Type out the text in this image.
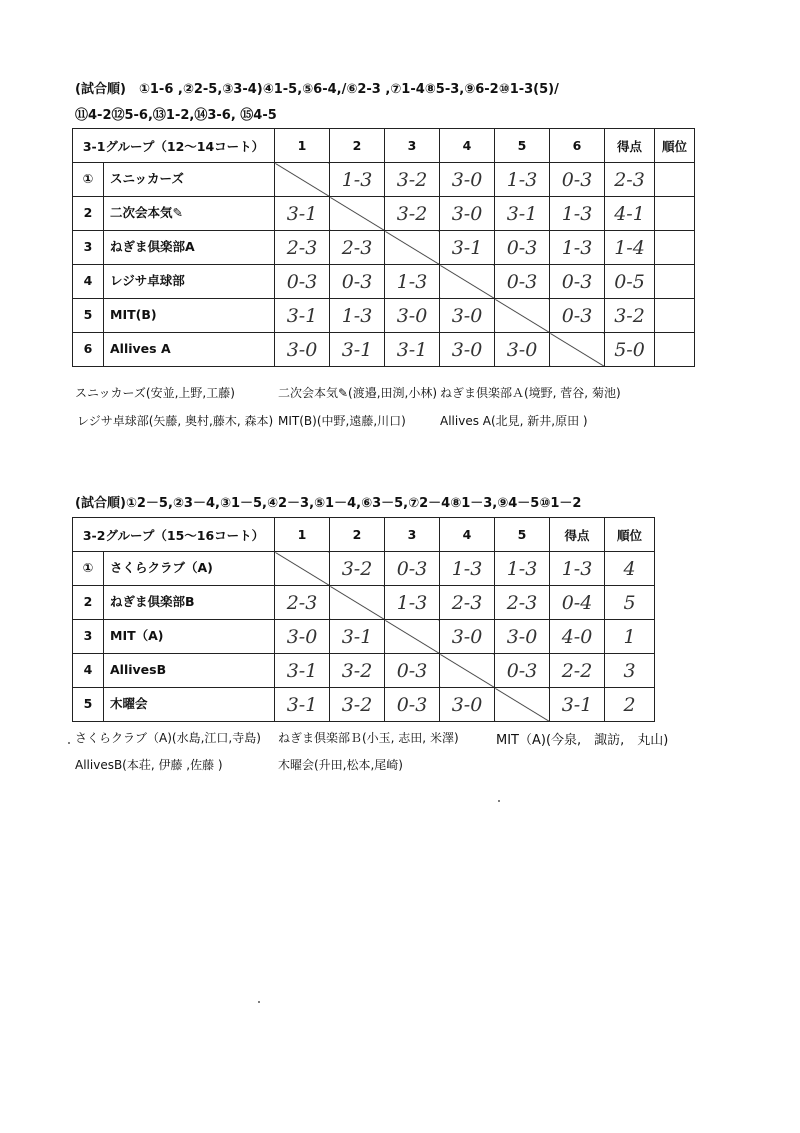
(試合順)　①1-6 ,②2-5,③3-4)④1-5,⑤6-4,/⑥2-3 ,⑦1-4⑧5-3,⑨6-2⑩1-3(5)/
⑪4-2⑫5-6,⑬1-2,⑭3-6, ⑮4-5
3-1グループ（12～14コート）	1	2	3	4	5	6	得点	順位
① スニッカーズ		1-3	3-2	3-0	1-3	0-3	2-3	
2 二次会本気✎	3-1		3-2	3-0	3-1	1-3	4-1	
3 ねぎま倶楽部A	2-3	2-3		3-1	0-3	1-3	1-4	
4 レジサ卓球部	0-3	0-3	1-3		0-3	0-3	0-5	
5 MIT(B)	3-1	1-3	3-0	3-0		0-3	3-2	
6 Allives A	3-0	3-1	3-1	3-0	3-0		5-0	
スニッカーズ(安並,上野,工藤)	二次会本気✎(渡邉,田渕,小林) ねぎま倶楽部Ａ(境野, 菅谷, 菊池)
レジサ卓球部(矢藤, 奥村,藤木, 森本) MIT(B)(中野,遠藤,川口)	Allives A(北見, 新井,原田 )
(試合順)①2－5,②3－4,③1－5,④2－3,⑤1－4,⑥3－5,⑦2－4⑧1－3,⑨4－5⑩1－2
3-2グループ（15～16コート）	1	2	3	4	5	得点	順位
① さくらクラブ（A)		3-2	0-3	1-3	1-3	1-3	4
2 ねぎま倶楽部B	2-3		1-3	2-3	2-3	0-4	5
3 MIT（A)	3-0	3-1		3-0	3-0	4-0	1
4 AllivesB	3-1	3-2	0-3		0-3	2-2	3
5 木曜会	3-1	3-2	0-3	3-0		3-1	2
さくらクラブ（A)(水島,江口,寺島) ねぎま倶楽部Ｂ(小玉, 志田, 米澤)	MIT（A)(今泉,　諏訪,　丸山)
AllivesB(本荘, 伊藤 ,佐藤 )	木曜会(升田,松本,尾崎)
